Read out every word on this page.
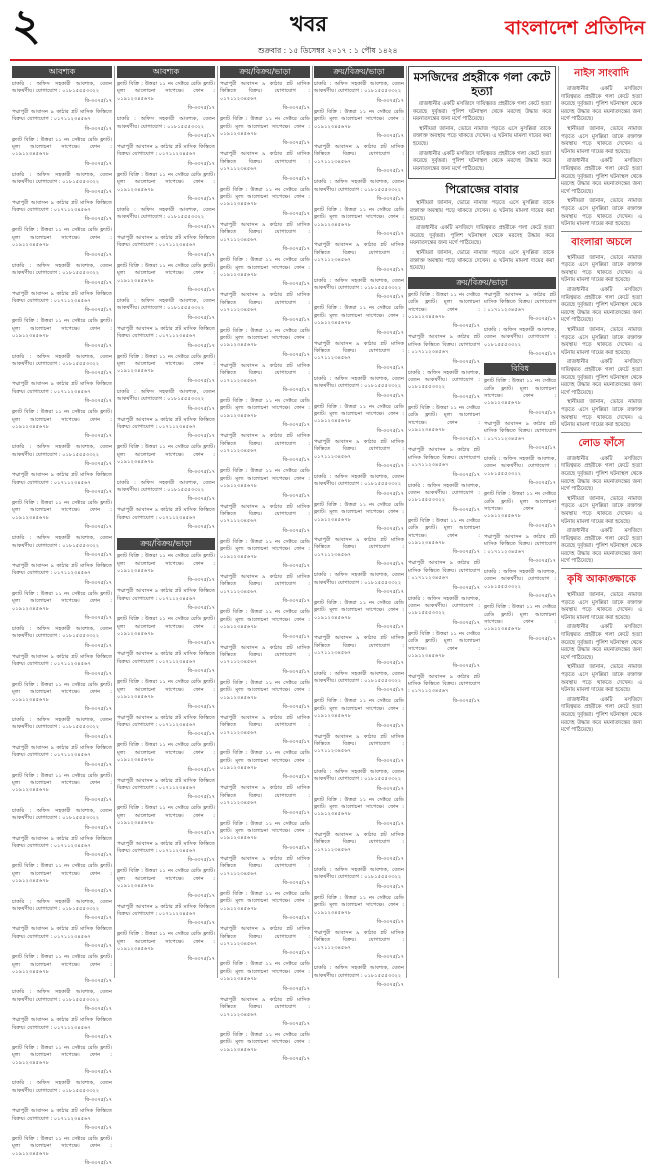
২	খবর	বাংলাদেশ প্রতিদিন
শুক্রবার : ১৫ ডিসেম্বর ২০১৭ : ১ পৌষ ১৪২৪
আবশ্যক
চাকরি : অফিস সহকারী আবশ্যক, বেতন আকর্ষণীয়। যোগাযোগ : ০১৮১৫৫৫৩৩২২
বি-৩৩৭৫/১৭
পদ্মাপুরী আবাসন ৯ কাঠার প্লট মাসিক কিস্তিতে বিক্রয়। যোগাযোগ : ০১৭১১২৩৪৫৬৭
বি-৩৩৭৫/১৭
ফ্ল্যাট বিক্রি : উত্তরা ১১ নং সেক্টরে রেডি ফ্ল্যাট। মূল্য আলোচনা সাপেক্ষে। ফোন : ০১৯১২৩৪৫৬৭৮
বি-৩৩৭৫/১৭
চাকরি : অফিস সহকারী আবশ্যক, বেতন আকর্ষণীয়। যোগাযোগ : ০১৮১৫৫৫৩৩২২
বি-৩৩৭৫/১৭
পদ্মাপুরী আবাসন ৯ কাঠার প্লট মাসিক কিস্তিতে বিক্রয়। যোগাযোগ : ০১৭১১২৩৪৫৬৭
বি-৩৩৭৫/১৭
ফ্ল্যাট বিক্রি : উত্তরা ১১ নং সেক্টরে রেডি ফ্ল্যাট। মূল্য আলোচনা সাপেক্ষে। ফোন : ০১৯১২৩৪৫৬৭৮
বি-৩৩৭৫/১৭
চাকরি : অফিস সহকারী আবশ্যক, বেতন আকর্ষণীয়। যোগাযোগ : ০১৮১৫৫৫৩৩২২
বি-৩৩৭৫/১৭
পদ্মাপুরী আবাসন ৯ কাঠার প্লট মাসিক কিস্তিতে বিক্রয়। যোগাযোগ : ০১৭১১২৩৪৫৬৭
বি-৩৩৭৫/১৭
ফ্ল্যাট বিক্রি : উত্তরা ১১ নং সেক্টরে রেডি ফ্ল্যাট। মূল্য আলোচনা সাপেক্ষে। ফোন : ০১৯১২৩৪৫৬৭৮
বি-৩৩৭৫/১৭
চাকরি : অফিস সহকারী আবশ্যক, বেতন আকর্ষণীয়। যোগাযোগ : ০১৮১৫৫৫৩৩২২
বি-৩৩৭৫/১৭
পদ্মাপুরী আবাসন ৯ কাঠার প্লট মাসিক কিস্তিতে বিক্রয়। যোগাযোগ : ০১৭১১২৩৪৫৬৭
বি-৩৩৭৫/১৭
ফ্ল্যাট বিক্রি : উত্তরা ১১ নং সেক্টরে রেডি ফ্ল্যাট। মূল্য আলোচনা সাপেক্ষে। ফোন : ০১৯১২৩৪৫৬৭৮
বি-৩৩৭৫/১৭
চাকরি : অফিস সহকারী আবশ্যক, বেতন আকর্ষণীয়। যোগাযোগ : ০১৮১৫৫৫৩৩২২
বি-৩৩৭৫/১৭
পদ্মাপুরী আবাসন ৯ কাঠার প্লট মাসিক কিস্তিতে বিক্রয়। যোগাযোগ : ০১৭১১২৩৪৫৬৭
বি-৩৩৭৫/১৭
ফ্ল্যাট বিক্রি : উত্তরা ১১ নং সেক্টরে রেডি ফ্ল্যাট। মূল্য আলোচনা সাপেক্ষে। ফোন : ০১৯১২৩৪৫৬৭৮
বি-৩৩৭৫/১৭
চাকরি : অফিস সহকারী আবশ্যক, বেতন আকর্ষণীয়। যোগাযোগ : ০১৮১৫৫৫৩৩২২
বি-৩৩৭৫/১৭
পদ্মাপুরী আবাসন ৯ কাঠার প্লট মাসিক কিস্তিতে বিক্রয়। যোগাযোগ : ০১৭১১২৩৪৫৬৭
বি-৩৩৭৫/১৭
ফ্ল্যাট বিক্রি : উত্তরা ১১ নং সেক্টরে রেডি ফ্ল্যাট। মূল্য আলোচনা সাপেক্ষে। ফোন : ০১৯১২৩৪৫৬৭৮
বি-৩৩৭৫/১৭
চাকরি : অফিস সহকারী আবশ্যক, বেতন আকর্ষণীয়। যোগাযোগ : ০১৮১৫৫৫৩৩২২
বি-৩৩৭৫/১৭
পদ্মাপুরী আবাসন ৯ কাঠার প্লট মাসিক কিস্তিতে বিক্রয়। যোগাযোগ : ০১৭১১২৩৪৫৬৭
বি-৩৩৭৫/১৭
ফ্ল্যাট বিক্রি : উত্তরা ১১ নং সেক্টরে রেডি ফ্ল্যাট। মূল্য আলোচনা সাপেক্ষে। ফোন : ০১৯১২৩৪৫৬৭৮
বি-৩৩৭৫/১৭
চাকরি : অফিস সহকারী আবশ্যক, বেতন আকর্ষণীয়। যোগাযোগ : ০১৮১৫৫৫৩৩২২
বি-৩৩৭৫/১৭
পদ্মাপুরী আবাসন ৯ কাঠার প্লট মাসিক কিস্তিতে বিক্রয়। যোগাযোগ : ০১৭১১২৩৪৫৬৭
বি-৩৩৭৫/১৭
ফ্ল্যাট বিক্রি : উত্তরা ১১ নং সেক্টরে রেডি ফ্ল্যাট। মূল্য আলোচনা সাপেক্ষে। ফোন : ০১৯১২৩৪৫৬৭৮
বি-৩৩৭৫/১৭
চাকরি : অফিস সহকারী আবশ্যক, বেতন আকর্ষণীয়। যোগাযোগ : ০১৮১৫৫৫৩৩২২
বি-৩৩৭৫/১৭
পদ্মাপুরী আবাসন ৯ কাঠার প্লট মাসিক কিস্তিতে বিক্রয়। যোগাযোগ : ০১৭১১২৩৪৫৬৭
বি-৩৩৭৫/১৭
ফ্ল্যাট বিক্রি : উত্তরা ১১ নং সেক্টরে রেডি ফ্ল্যাট। মূল্য আলোচনা সাপেক্ষে। ফোন : ০১৯১২৩৪৫৬৭৮
বি-৩৩৭৫/১৭
চাকরি : অফিস সহকারী আবশ্যক, বেতন আকর্ষণীয়। যোগাযোগ : ০১৮১৫৫৫৩৩২২
বি-৩৩৭৫/১৭
পদ্মাপুরী আবাসন ৯ কাঠার প্লট মাসিক কিস্তিতে বিক্রয়। যোগাযোগ : ০১৭১১২৩৪৫৬৭
বি-৩৩৭৫/১৭
ফ্ল্যাট বিক্রি : উত্তরা ১১ নং সেক্টরে রেডি ফ্ল্যাট। মূল্য আলোচনা সাপেক্ষে। ফোন : ০১৯১২৩৪৫৬৭৮
বি-৩৩৭৫/১৭
চাকরি : অফিস সহকারী আবশ্যক, বেতন আকর্ষণীয়। যোগাযোগ : ০১৮১৫৫৫৩৩২২
বি-৩৩৭৫/১৭
পদ্মাপুরী আবাসন ৯ কাঠার প্লট মাসিক কিস্তিতে বিক্রয়। যোগাযোগ : ০১৭১১২৩৪৫৬৭
বি-৩৩৭৫/১৭
ফ্ল্যাট বিক্রি : উত্তরা ১১ নং সেক্টরে রেডি ফ্ল্যাট। মূল্য আলোচনা সাপেক্ষে। ফোন : ০১৯১২৩৪৫৬৭৮
বি-৩৩৭৫/১৭
চাকরি : অফিস সহকারী আবশ্যক, বেতন আকর্ষণীয়। যোগাযোগ : ০১৮১৫৫৫৩৩২২
বি-৩৩৭৫/১৭
পদ্মাপুরী আবাসন ৯ কাঠার প্লট মাসিক কিস্তিতে বিক্রয়। যোগাযোগ : ০১৭১১২৩৪৫৬৭
বি-৩৩৭৫/১৭
ফ্ল্যাট বিক্রি : উত্তরা ১১ নং সেক্টরে রেডি ফ্ল্যাট। মূল্য আলোচনা সাপেক্ষে। ফোন : ০১৯১২৩৪৫৬৭৮
বি-৩৩৭৫/১৭
আবশ্যক
ফ্ল্যাট বিক্রি : উত্তরা ১১ নং সেক্টরে রেডি ফ্ল্যাট। মূল্য আলোচনা সাপেক্ষে। ফোন : ০১৯১২৩৪৫৬৭৮
বি-৩৩৭৫/১৭
চাকরি : অফিস সহকারী আবশ্যক, বেতন আকর্ষণীয়। যোগাযোগ : ০১৮১৫৫৫৩৩২২
বি-৩৩৭৫/১৭
পদ্মাপুরী আবাসন ৯ কাঠার প্লট মাসিক কিস্তিতে বিক্রয়। যোগাযোগ : ০১৭১১২৩৪৫৬৭
বি-৩৩৭৫/১৭
ফ্ল্যাট বিক্রি : উত্তরা ১১ নং সেক্টরে রেডি ফ্ল্যাট। মূল্য আলোচনা সাপেক্ষে। ফোন : ০১৯১২৩৪৫৬৭৮
বি-৩৩৭৫/১৭
চাকরি : অফিস সহকারী আবশ্যক, বেতন আকর্ষণীয়। যোগাযোগ : ০১৮১৫৫৫৩৩২২
বি-৩৩৭৫/১৭
পদ্মাপুরী আবাসন ৯ কাঠার প্লট মাসিক কিস্তিতে বিক্রয়। যোগাযোগ : ০১৭১১২৩৪৫৬৭
বি-৩৩৭৫/১৭
ফ্ল্যাট বিক্রি : উত্তরা ১১ নং সেক্টরে রেডি ফ্ল্যাট। মূল্য আলোচনা সাপেক্ষে। ফোন : ০১৯১২৩৪৫৬৭৮
বি-৩৩৭৫/১৭
চাকরি : অফিস সহকারী আবশ্যক, বেতন আকর্ষণীয়। যোগাযোগ : ০১৮১৫৫৫৩৩২২
বি-৩৩৭৫/১৭
পদ্মাপুরী আবাসন ৯ কাঠার প্লট মাসিক কিস্তিতে বিক্রয়। যোগাযোগ : ০১৭১১২৩৪৫৬৭
বি-৩৩৭৫/১৭
ফ্ল্যাট বিক্রি : উত্তরা ১১ নং সেক্টরে রেডি ফ্ল্যাট। মূল্য আলোচনা সাপেক্ষে। ফোন : ০১৯১২৩৪৫৬৭৮
বি-৩৩৭৫/১৭
চাকরি : অফিস সহকারী আবশ্যক, বেতন আকর্ষণীয়। যোগাযোগ : ০১৮১৫৫৫৩৩২২
বি-৩৩৭৫/১৭
পদ্মাপুরী আবাসন ৯ কাঠার প্লট মাসিক কিস্তিতে বিক্রয়। যোগাযোগ : ০১৭১১২৩৪৫৬৭
বি-৩৩৭৫/১৭
ফ্ল্যাট বিক্রি : উত্তরা ১১ নং সেক্টরে রেডি ফ্ল্যাট। মূল্য আলোচনা সাপেক্ষে। ফোন : ০১৯১২৩৪৫৬৭৮
বি-৩৩৭৫/১৭
চাকরি : অফিস সহকারী আবশ্যক, বেতন আকর্ষণীয়। যোগাযোগ : ০১৮১৫৫৫৩৩২২
বি-৩৩৭৫/১৭
পদ্মাপুরী আবাসন ৯ কাঠার প্লট মাসিক কিস্তিতে বিক্রয়। যোগাযোগ : ০১৭১১২৩৪৫৬৭
বি-৩৩৭৫/১৭
ক্রয়/বিক্রয়/ভাড়া
ফ্ল্যাট বিক্রি : উত্তরা ১১ নং সেক্টরে রেডি ফ্ল্যাট। মূল্য আলোচনা সাপেক্ষে। ফোন : ০১৯১২৩৪৫৬৭৮
বি-৩৩৭৫/১৭
পদ্মাপুরী আবাসন ৯ কাঠার প্লট মাসিক কিস্তিতে বিক্রয়। যোগাযোগ : ০১৭১১২৩৪৫৬৭
বি-৩৩৭৫/১৭
ফ্ল্যাট বিক্রি : উত্তরা ১১ নং সেক্টরে রেডি ফ্ল্যাট। মূল্য আলোচনা সাপেক্ষে। ফোন : ০১৯১২৩৪৫৬৭৮
বি-৩৩৭৫/১৭
পদ্মাপুরী আবাসন ৯ কাঠার প্লট মাসিক কিস্তিতে বিক্রয়। যোগাযোগ : ০১৭১১২৩৪৫৬৭
বি-৩৩৭৫/১৭
ফ্ল্যাট বিক্রি : উত্তরা ১১ নং সেক্টরে রেডি ফ্ল্যাট। মূল্য আলোচনা সাপেক্ষে। ফোন : ০১৯১২৩৪৫৬৭৮
বি-৩৩৭৫/১৭
পদ্মাপুরী আবাসন ৯ কাঠার প্লট মাসিক কিস্তিতে বিক্রয়। যোগাযোগ : ০১৭১১২৩৪৫৬৭
বি-৩৩৭৫/১৭
ফ্ল্যাট বিক্রি : উত্তরা ১১ নং সেক্টরে রেডি ফ্ল্যাট। মূল্য আলোচনা সাপেক্ষে। ফোন : ০১৯১২৩৪৫৬৭৮
বি-৩৩৭৫/১৭
পদ্মাপুরী আবাসন ৯ কাঠার প্লট মাসিক কিস্তিতে বিক্রয়। যোগাযোগ : ০১৭১১২৩৪৫৬৭
বি-৩৩৭৫/১৭
ফ্ল্যাট বিক্রি : উত্তরা ১১ নং সেক্টরে রেডি ফ্ল্যাট। মূল্য আলোচনা সাপেক্ষে। ফোন : ০১৯১২৩৪৫৬৭৮
বি-৩৩৭৫/১৭
পদ্মাপুরী আবাসন ৯ কাঠার প্লট মাসিক কিস্তিতে বিক্রয়। যোগাযোগ : ০১৭১১২৩৪৫৬৭
বি-৩৩৭৫/১৭
ফ্ল্যাট বিক্রি : উত্তরা ১১ নং সেক্টরে রেডি ফ্ল্যাট। মূল্য আলোচনা সাপেক্ষে। ফোন : ০১৯১২৩৪৫৬৭৮
বি-৩৩৭৫/১৭
পদ্মাপুরী আবাসন ৯ কাঠার প্লট মাসিক কিস্তিতে বিক্রয়। যোগাযোগ : ০১৭১১২৩৪৫৬৭
বি-৩৩৭৫/১৭
ফ্ল্যাট বিক্রি : উত্তরা ১১ নং সেক্টরে রেডি ফ্ল্যাট। মূল্য আলোচনা সাপেক্ষে। ফোন : ০১৯১২৩৪৫৬৭৮
বি-৩৩৭৫/১৭
ক্রয়/বিক্রয়/ভাড়া
পদ্মাপুরী আবাসন ৯ কাঠার প্লট মাসিক কিস্তিতে বিক্রয়। যোগাযোগ : ০১৭১১২৩৪৫৬৭
বি-৩৩৭৫/১৭
ফ্ল্যাট বিক্রি : উত্তরা ১১ নং সেক্টরে রেডি ফ্ল্যাট। মূল্য আলোচনা সাপেক্ষে। ফোন : ০১৯১২৩৪৫৬৭৮
বি-৩৩৭৫/১৭
পদ্মাপুরী আবাসন ৯ কাঠার প্লট মাসিক কিস্তিতে বিক্রয়। যোগাযোগ : ০১৭১১২৩৪৫৬৭
বি-৩৩৭৫/১৭
ফ্ল্যাট বিক্রি : উত্তরা ১১ নং সেক্টরে রেডি ফ্ল্যাট। মূল্য আলোচনা সাপেক্ষে। ফোন : ০১৯১২৩৪৫৬৭৮
বি-৩৩৭৫/১৭
পদ্মাপুরী আবাসন ৯ কাঠার প্লট মাসিক কিস্তিতে বিক্রয়। যোগাযোগ : ০১৭১১২৩৪৫৬৭
বি-৩৩৭৫/১৭
ফ্ল্যাট বিক্রি : উত্তরা ১১ নং সেক্টরে রেডি ফ্ল্যাট। মূল্য আলোচনা সাপেক্ষে। ফোন : ০১৯১২৩৪৫৬৭৮
বি-৩৩৭৫/১৭
পদ্মাপুরী আবাসন ৯ কাঠার প্লট মাসিক কিস্তিতে বিক্রয়। যোগাযোগ : ০১৭১১২৩৪৫৬৭
বি-৩৩৭৫/১৭
ফ্ল্যাট বিক্রি : উত্তরা ১১ নং সেক্টরে রেডি ফ্ল্যাট। মূল্য আলোচনা সাপেক্ষে। ফোন : ০১৯১২৩৪৫৬৭৮
বি-৩৩৭৫/১৭
পদ্মাপুরী আবাসন ৯ কাঠার প্লট মাসিক কিস্তিতে বিক্রয়। যোগাযোগ : ০১৭১১২৩৪৫৬৭
বি-৩৩৭৫/১৭
ফ্ল্যাট বিক্রি : উত্তরা ১১ নং সেক্টরে রেডি ফ্ল্যাট। মূল্য আলোচনা সাপেক্ষে। ফোন : ০১৯১২৩৪৫৬৭৮
বি-৩৩৭৫/১৭
পদ্মাপুরী আবাসন ৯ কাঠার প্লট মাসিক কিস্তিতে বিক্রয়। যোগাযোগ : ০১৭১১২৩৪৫৬৭
বি-৩৩৭৫/১৭
ফ্ল্যাট বিক্রি : উত্তরা ১১ নং সেক্টরে রেডি ফ্ল্যাট। মূল্য আলোচনা সাপেক্ষে। ফোন : ০১৯১২৩৪৫৬৭৮
বি-৩৩৭৫/১৭
পদ্মাপুরী আবাসন ৯ কাঠার প্লট মাসিক কিস্তিতে বিক্রয়। যোগাযোগ : ০১৭১১২৩৪৫৬৭
বি-৩৩৭৫/১৭
ফ্ল্যাট বিক্রি : উত্তরা ১১ নং সেক্টরে রেডি ফ্ল্যাট। মূল্য আলোচনা সাপেক্ষে। ফোন : ০১৯১২৩৪৫৬৭৮
বি-৩৩৭৫/১৭
পদ্মাপুরী আবাসন ৯ কাঠার প্লট মাসিক কিস্তিতে বিক্রয়। যোগাযোগ : ০১৭১১২৩৪৫৬৭
বি-৩৩৭৫/১৭
ফ্ল্যাট বিক্রি : উত্তরা ১১ নং সেক্টরে রেডি ফ্ল্যাট। মূল্য আলোচনা সাপেক্ষে। ফোন : ০১৯১২৩৪৫৬৭৮
বি-৩৩৭৫/১৭
পদ্মাপুরী আবাসন ৯ কাঠার প্লট মাসিক কিস্তিতে বিক্রয়। যোগাযোগ : ০১৭১১২৩৪৫৬৭
বি-৩৩৭৫/১৭
ফ্ল্যাট বিক্রি : উত্তরা ১১ নং সেক্টরে রেডি ফ্ল্যাট। মূল্য আলোচনা সাপেক্ষে। ফোন : ০১৯১২৩৪৫৬৭৮
বি-৩৩৭৫/১৭
পদ্মাপুরী আবাসন ৯ কাঠার প্লট মাসিক কিস্তিতে বিক্রয়। যোগাযোগ : ০১৭১১২৩৪৫৬৭
বি-৩৩৭৫/১৭
ফ্ল্যাট বিক্রি : উত্তরা ১১ নং সেক্টরে রেডি ফ্ল্যাট। মূল্য আলোচনা সাপেক্ষে। ফোন : ০১৯১২৩৪৫৬৭৮
বি-৩৩৭৫/১৭
পদ্মাপুরী আবাসন ৯ কাঠার প্লট মাসিক কিস্তিতে বিক্রয়। যোগাযোগ : ০১৭১১২৩৪৫৬৭
বি-৩৩৭৫/১৭
ফ্ল্যাট বিক্রি : উত্তরা ১১ নং সেক্টরে রেডি ফ্ল্যাট। মূল্য আলোচনা সাপেক্ষে। ফোন : ০১৯১২৩৪৫৬৭৮
বি-৩৩৭৫/১৭
পদ্মাপুরী আবাসন ৯ কাঠার প্লট মাসিক কিস্তিতে বিক্রয়। যোগাযোগ : ০১৭১১২৩৪৫৬৭
বি-৩৩৭৫/১৭
ফ্ল্যাট বিক্রি : উত্তরা ১১ নং সেক্টরে রেডি ফ্ল্যাট। মূল্য আলোচনা সাপেক্ষে। ফোন : ০১৯১২৩৪৫৬৭৮
বি-৩৩৭৫/১৭
পদ্মাপুরী আবাসন ৯ কাঠার প্লট মাসিক কিস্তিতে বিক্রয়। যোগাযোগ : ০১৭১১২৩৪৫৬৭
বি-৩৩৭৫/১৭
ফ্ল্যাট বিক্রি : উত্তরা ১১ নং সেক্টরে রেডি ফ্ল্যাট। মূল্য আলোচনা সাপেক্ষে। ফোন : ০১৯১২৩৪৫৬৭৮
বি-৩৩৭৫/১৭
পদ্মাপুরী আবাসন ৯ কাঠার প্লট মাসিক কিস্তিতে বিক্রয়। যোগাযোগ : ০১৭১১২৩৪৫৬৭
বি-৩৩৭৫/১৭
ফ্ল্যাট বিক্রি : উত্তরা ১১ নং সেক্টরে রেডি ফ্ল্যাট। মূল্য আলোচনা সাপেক্ষে। ফোন : ০১৯১২৩৪৫৬৭৮
বি-৩৩৭৫/১৭
ক্রয়/বিক্রয়/ভাড়া
চাকরি : অফিস সহকারী আবশ্যক, বেতন আকর্ষণীয়। যোগাযোগ : ০১৮১৫৫৫৩৩২২
বি-৩৩৭৫/১৭
ফ্ল্যাট বিক্রি : উত্তরা ১১ নং সেক্টরে রেডি ফ্ল্যাট। মূল্য আলোচনা সাপেক্ষে। ফোন : ০১৯১২৩৪৫৬৭৮
বি-৩৩৭৫/১৭
পদ্মাপুরী আবাসন ৯ কাঠার প্লট মাসিক কিস্তিতে বিক্রয়। যোগাযোগ : ০১৭১১২৩৪৫৬৭
বি-৩৩৭৫/১৭
চাকরি : অফিস সহকারী আবশ্যক, বেতন আকর্ষণীয়। যোগাযোগ : ০১৮১৫৫৫৩৩২২
বি-৩৩৭৫/১৭
ফ্ল্যাট বিক্রি : উত্তরা ১১ নং সেক্টরে রেডি ফ্ল্যাট। মূল্য আলোচনা সাপেক্ষে। ফোন : ০১৯১২৩৪৫৬৭৮
বি-৩৩৭৫/১৭
পদ্মাপুরী আবাসন ৯ কাঠার প্লট মাসিক কিস্তিতে বিক্রয়। যোগাযোগ : ০১৭১১২৩৪৫৬৭
বি-৩৩৭৫/১৭
চাকরি : অফিস সহকারী আবশ্যক, বেতন আকর্ষণীয়। যোগাযোগ : ০১৮১৫৫৫৩৩২২
বি-৩৩৭৫/১৭
ফ্ল্যাট বিক্রি : উত্তরা ১১ নং সেক্টরে রেডি ফ্ল্যাট। মূল্য আলোচনা সাপেক্ষে। ফোন : ০১৯১২৩৪৫৬৭৮
বি-৩৩৭৫/১৭
পদ্মাপুরী আবাসন ৯ কাঠার প্লট মাসিক কিস্তিতে বিক্রয়। যোগাযোগ : ০১৭১১২৩৪৫৬৭
বি-৩৩৭৫/১৭
চাকরি : অফিস সহকারী আবশ্যক, বেতন আকর্ষণীয়। যোগাযোগ : ০১৮১৫৫৫৩৩২২
বি-৩৩৭৫/১৭
ফ্ল্যাট বিক্রি : উত্তরা ১১ নং সেক্টরে রেডি ফ্ল্যাট। মূল্য আলোচনা সাপেক্ষে। ফোন : ০১৯১২৩৪৫৬৭৮
বি-৩৩৭৫/১৭
পদ্মাপুরী আবাসন ৯ কাঠার প্লট মাসিক কিস্তিতে বিক্রয়। যোগাযোগ : ০১৭১১২৩৪৫৬৭
বি-৩৩৭৫/১৭
চাকরি : অফিস সহকারী আবশ্যক, বেতন আকর্ষণীয়। যোগাযোগ : ০১৮১৫৫৫৩৩২২
বি-৩৩৭৫/১৭
ফ্ল্যাট বিক্রি : উত্তরা ১১ নং সেক্টরে রেডি ফ্ল্যাট। মূল্য আলোচনা সাপেক্ষে। ফোন : ০১৯১২৩৪৫৬৭৮
বি-৩৩৭৫/১৭
পদ্মাপুরী আবাসন ৯ কাঠার প্লট মাসিক কিস্তিতে বিক্রয়। যোগাযোগ : ০১৭১১২৩৪৫৬৭
বি-৩৩৭৫/১৭
চাকরি : অফিস সহকারী আবশ্যক, বেতন আকর্ষণীয়। যোগাযোগ : ০১৮১৫৫৫৩৩২২
বি-৩৩৭৫/১৭
ফ্ল্যাট বিক্রি : উত্তরা ১১ নং সেক্টরে রেডি ফ্ল্যাট। মূল্য আলোচনা সাপেক্ষে। ফোন : ০১৯১২৩৪৫৬৭৮
বি-৩৩৭৫/১৭
পদ্মাপুরী আবাসন ৯ কাঠার প্লট মাসিক কিস্তিতে বিক্রয়। যোগাযোগ : ০১৭১১২৩৪৫৬৭
বি-৩৩৭৫/১৭
চাকরি : অফিস সহকারী আবশ্যক, বেতন আকর্ষণীয়। যোগাযোগ : ০১৮১৫৫৫৩৩২২
বি-৩৩৭৫/১৭
ফ্ল্যাট বিক্রি : উত্তরা ১১ নং সেক্টরে রেডি ফ্ল্যাট। মূল্য আলোচনা সাপেক্ষে। ফোন : ০১৯১২৩৪৫৬৭৮
বি-৩৩৭৫/১৭
পদ্মাপুরী আবাসন ৯ কাঠার প্লট মাসিক কিস্তিতে বিক্রয়। যোগাযোগ : ০১৭১১২৩৪৫৬৭
বি-৩৩৭৫/১৭
চাকরি : অফিস সহকারী আবশ্যক, বেতন আকর্ষণীয়। যোগাযোগ : ০১৮১৫৫৫৩৩২২
বি-৩৩৭৫/১৭
ফ্ল্যাট বিক্রি : উত্তরা ১১ নং সেক্টরে রেডি ফ্ল্যাট। মূল্য আলোচনা সাপেক্ষে। ফোন : ০১৯১২৩৪৫৬৭৮
বি-৩৩৭৫/১৭
পদ্মাপুরী আবাসন ৯ কাঠার প্লট মাসিক কিস্তিতে বিক্রয়। যোগাযোগ : ০১৭১১২৩৪৫৬৭
বি-৩৩৭৫/১৭
চাকরি : অফিস সহকারী আবশ্যক, বেতন আকর্ষণীয়। যোগাযোগ : ০১৮১৫৫৫৩৩২২
বি-৩৩৭৫/১৭
ফ্ল্যাট বিক্রি : উত্তরা ১১ নং সেক্টরে রেডি ফ্ল্যাট। মূল্য আলোচনা সাপেক্ষে। ফোন : ০১৯১২৩৪৫৬৭৮
বি-৩৩৭৫/১৭
পদ্মাপুরী আবাসন ৯ কাঠার প্লট মাসিক কিস্তিতে বিক্রয়। যোগাযোগ : ০১৭১১২৩৪৫৬৭
বি-৩৩৭৫/১৭
চাকরি : অফিস সহকারী আবশ্যক, বেতন আকর্ষণীয়। যোগাযোগ : ০১৮১৫৫৫৩৩২২
বি-৩৩৭৫/১৭
মসজিদের প্রহরীকে গলা কেটে হত্যা
রাজধানীর একটি মসজিদে দায়িত্বরত প্রহরীকে গলা কেটে হত্যা করেছে দুর্বৃত্তরা। পুলিশ ঘটনাস্থল থেকে মরদেহ উদ্ধার করে ময়নাতদন্তের জন্য মর্গে পাঠিয়েছে।
স্থানীয়রা জানান, ভোরে নামাজ পড়তে এসে মুসল্লিরা তাকে রক্তাক্ত অবস্থায় পড়ে থাকতে দেখেন। এ ঘটনায় মামলা দায়ের করা হয়েছে।
রাজধানীর একটি মসজিদে দায়িত্বরত প্রহরীকে গলা কেটে হত্যা করেছে দুর্বৃত্তরা। পুলিশ ঘটনাস্থল থেকে মরদেহ উদ্ধার করে ময়নাতদন্তের জন্য মর্গে পাঠিয়েছে।
পিরোজের বাবার
স্থানীয়রা জানান, ভোরে নামাজ পড়তে এসে মুসল্লিরা তাকে রক্তাক্ত অবস্থায় পড়ে থাকতে দেখেন। এ ঘটনায় মামলা দায়ের করা হয়েছে।
রাজধানীর একটি মসজিদে দায়িত্বরত প্রহরীকে গলা কেটে হত্যা করেছে দুর্বৃত্তরা। পুলিশ ঘটনাস্থল থেকে মরদেহ উদ্ধার করে ময়নাতদন্তের জন্য মর্গে পাঠিয়েছে।
স্থানীয়রা জানান, ভোরে নামাজ পড়তে এসে মুসল্লিরা তাকে রক্তাক্ত অবস্থায় পড়ে থাকতে দেখেন। এ ঘটনায় মামলা দায়ের করা হয়েছে।
ক্রয়/বিক্রয়/ভাড়া
ফ্ল্যাট বিক্রি : উত্তরা ১১ নং সেক্টরে রেডি ফ্ল্যাট। মূল্য আলোচনা সাপেক্ষে। ফোন : ০১৯১২৩৪৫৬৭৮
বি-৩৩৭৫/১৭
পদ্মাপুরী আবাসন ৯ কাঠার প্লট মাসিক কিস্তিতে বিক্রয়। যোগাযোগ : ০১৭১১২৩৪৫৬৭
বি-৩৩৭৫/১৭
চাকরি : অফিস সহকারী আবশ্যক, বেতন আকর্ষণীয়। যোগাযোগ : ০১৮১৫৫৫৩৩২২
বি-৩৩৭৫/১৭
ফ্ল্যাট বিক্রি : উত্তরা ১১ নং সেক্টরে রেডি ফ্ল্যাট। মূল্য আলোচনা সাপেক্ষে। ফোন : ০১৯১২৩৪৫৬৭৮
বি-৩৩৭৫/১৭
পদ্মাপুরী আবাসন ৯ কাঠার প্লট মাসিক কিস্তিতে বিক্রয়। যোগাযোগ : ০১৭১১২৩৪৫৬৭
বি-৩৩৭৫/১৭
চাকরি : অফিস সহকারী আবশ্যক, বেতন আকর্ষণীয়। যোগাযোগ : ০১৮১৫৫৫৩৩২২
বি-৩৩৭৫/১৭
ফ্ল্যাট বিক্রি : উত্তরা ১১ নং সেক্টরে রেডি ফ্ল্যাট। মূল্য আলোচনা সাপেক্ষে। ফোন : ০১৯১২৩৪৫৬৭৮
বি-৩৩৭৫/১৭
পদ্মাপুরী আবাসন ৯ কাঠার প্লট মাসিক কিস্তিতে বিক্রয়। যোগাযোগ : ০১৭১১২৩৪৫৬৭
বি-৩৩৭৫/১৭
চাকরি : অফিস সহকারী আবশ্যক, বেতন আকর্ষণীয়। যোগাযোগ : ০১৮১৫৫৫৩৩২২
বি-৩৩৭৫/১৭
ফ্ল্যাট বিক্রি : উত্তরা ১১ নং সেক্টরে রেডি ফ্ল্যাট। মূল্য আলোচনা সাপেক্ষে। ফোন : ০১৯১২৩৪৫৬৭৮
বি-৩৩৭৫/১৭
পদ্মাপুরী আবাসন ৯ কাঠার প্লট মাসিক কিস্তিতে বিক্রয়। যোগাযোগ : ০১৭১১২৩৪৫৬৭
বি-৩৩৭৫/১৭
পদ্মাপুরী আবাসন ৯ কাঠার প্লট মাসিক কিস্তিতে বিক্রয়। যোগাযোগ : ০১৭১১২৩৪৫৬৭
বি-৩৩৭৫/১৭
চাকরি : অফিস সহকারী আবশ্যক, বেতন আকর্ষণীয়। যোগাযোগ : ০১৮১৫৫৫৩৩২২
বি-৩৩৭৫/১৭
বিবিধ
ফ্ল্যাট বিক্রি : উত্তরা ১১ নং সেক্টরে রেডি ফ্ল্যাট। মূল্য আলোচনা সাপেক্ষে। ফোন : ০১৯১২৩৪৫৬৭৮
বি-৩৩৭৫/১৭
পদ্মাপুরী আবাসন ৯ কাঠার প্লট মাসিক কিস্তিতে বিক্রয়। যোগাযোগ : ০১৭১১২৩৪৫৬৭
বি-৩৩৭৫/১৭
চাকরি : অফিস সহকারী আবশ্যক, বেতন আকর্ষণীয়। যোগাযোগ : ০১৮১৫৫৫৩৩২২
বি-৩৩৭৫/১৭
ফ্ল্যাট বিক্রি : উত্তরা ১১ নং সেক্টরে রেডি ফ্ল্যাট। মূল্য আলোচনা সাপেক্ষে। ফোন : ০১৯১২৩৪৫৬৭৮
বি-৩৩৭৫/১৭
পদ্মাপুরী আবাসন ৯ কাঠার প্লট মাসিক কিস্তিতে বিক্রয়। যোগাযোগ : ০১৭১১২৩৪৫৬৭
বি-৩৩৭৫/১৭
চাকরি : অফিস সহকারী আবশ্যক, বেতন আকর্ষণীয়। যোগাযোগ : ০১৮১৫৫৫৩৩২২
বি-৩৩৭৫/১৭
ফ্ল্যাট বিক্রি : উত্তরা ১১ নং সেক্টরে রেডি ফ্ল্যাট। মূল্য আলোচনা সাপেক্ষে। ফোন : ০১৯১২৩৪৫৬৭৮
বি-৩৩৭৫/১৭
নাইস সাংবাদি
রাজধানীর একটি মসজিদে দায়িত্বরত প্রহরীকে গলা কেটে হত্যা করেছে দুর্বৃত্তরা। পুলিশ ঘটনাস্থল থেকে মরদেহ উদ্ধার করে ময়নাতদন্তের জন্য মর্গে পাঠিয়েছে।
স্থানীয়রা জানান, ভোরে নামাজ পড়তে এসে মুসল্লিরা তাকে রক্তাক্ত অবস্থায় পড়ে থাকতে দেখেন। এ ঘটনায় মামলা দায়ের করা হয়েছে।
রাজধানীর একটি মসজিদে দায়িত্বরত প্রহরীকে গলা কেটে হত্যা করেছে দুর্বৃত্তরা। পুলিশ ঘটনাস্থল থেকে মরদেহ উদ্ধার করে ময়নাতদন্তের জন্য মর্গে পাঠিয়েছে।
স্থানীয়রা জানান, ভোরে নামাজ পড়তে এসে মুসল্লিরা তাকে রক্তাক্ত অবস্থায় পড়ে থাকতে দেখেন। এ ঘটনায় মামলা দায়ের করা হয়েছে।
বাংলারা অচলে
স্থানীয়রা জানান, ভোরে নামাজ পড়তে এসে মুসল্লিরা তাকে রক্তাক্ত অবস্থায় পড়ে থাকতে দেখেন। এ ঘটনায় মামলা দায়ের করা হয়েছে।
রাজধানীর একটি মসজিদে দায়িত্বরত প্রহরীকে গলা কেটে হত্যা করেছে দুর্বৃত্তরা। পুলিশ ঘটনাস্থল থেকে মরদেহ উদ্ধার করে ময়নাতদন্তের জন্য মর্গে পাঠিয়েছে।
স্থানীয়রা জানান, ভোরে নামাজ পড়তে এসে মুসল্লিরা তাকে রক্তাক্ত অবস্থায় পড়ে থাকতে দেখেন। এ ঘটনায় মামলা দায়ের করা হয়েছে।
রাজধানীর একটি মসজিদে দায়িত্বরত প্রহরীকে গলা কেটে হত্যা করেছে দুর্বৃত্তরা। পুলিশ ঘটনাস্থল থেকে মরদেহ উদ্ধার করে ময়নাতদন্তের জন্য মর্গে পাঠিয়েছে।
স্থানীয়রা জানান, ভোরে নামাজ পড়তে এসে মুসল্লিরা তাকে রক্তাক্ত অবস্থায় পড়ে থাকতে দেখেন। এ ঘটনায় মামলা দায়ের করা হয়েছে।
লোড ফাঁসে
রাজধানীর একটি মসজিদে দায়িত্বরত প্রহরীকে গলা কেটে হত্যা করেছে দুর্বৃত্তরা। পুলিশ ঘটনাস্থল থেকে মরদেহ উদ্ধার করে ময়নাতদন্তের জন্য মর্গে পাঠিয়েছে।
স্থানীয়রা জানান, ভোরে নামাজ পড়তে এসে মুসল্লিরা তাকে রক্তাক্ত অবস্থায় পড়ে থাকতে দেখেন। এ ঘটনায় মামলা দায়ের করা হয়েছে।
রাজধানীর একটি মসজিদে দায়িত্বরত প্রহরীকে গলা কেটে হত্যা করেছে দুর্বৃত্তরা। পুলিশ ঘটনাস্থল থেকে মরদেহ উদ্ধার করে ময়নাতদন্তের জন্য মর্গে পাঠিয়েছে।
কৃষি আকাঙ্ক্ষাকে
স্থানীয়রা জানান, ভোরে নামাজ পড়তে এসে মুসল্লিরা তাকে রক্তাক্ত অবস্থায় পড়ে থাকতে দেখেন। এ ঘটনায় মামলা দায়ের করা হয়েছে।
রাজধানীর একটি মসজিদে দায়িত্বরত প্রহরীকে গলা কেটে হত্যা করেছে দুর্বৃত্তরা। পুলিশ ঘটনাস্থল থেকে মরদেহ উদ্ধার করে ময়নাতদন্তের জন্য মর্গে পাঠিয়েছে।
স্থানীয়রা জানান, ভোরে নামাজ পড়তে এসে মুসল্লিরা তাকে রক্তাক্ত অবস্থায় পড়ে থাকতে দেখেন। এ ঘটনায় মামলা দায়ের করা হয়েছে।
রাজধানীর একটি মসজিদে দায়িত্বরত প্রহরীকে গলা কেটে হত্যা করেছে দুর্বৃত্তরা। পুলিশ ঘটনাস্থল থেকে মরদেহ উদ্ধার করে ময়নাতদন্তের জন্য মর্গে পাঠিয়েছে।
